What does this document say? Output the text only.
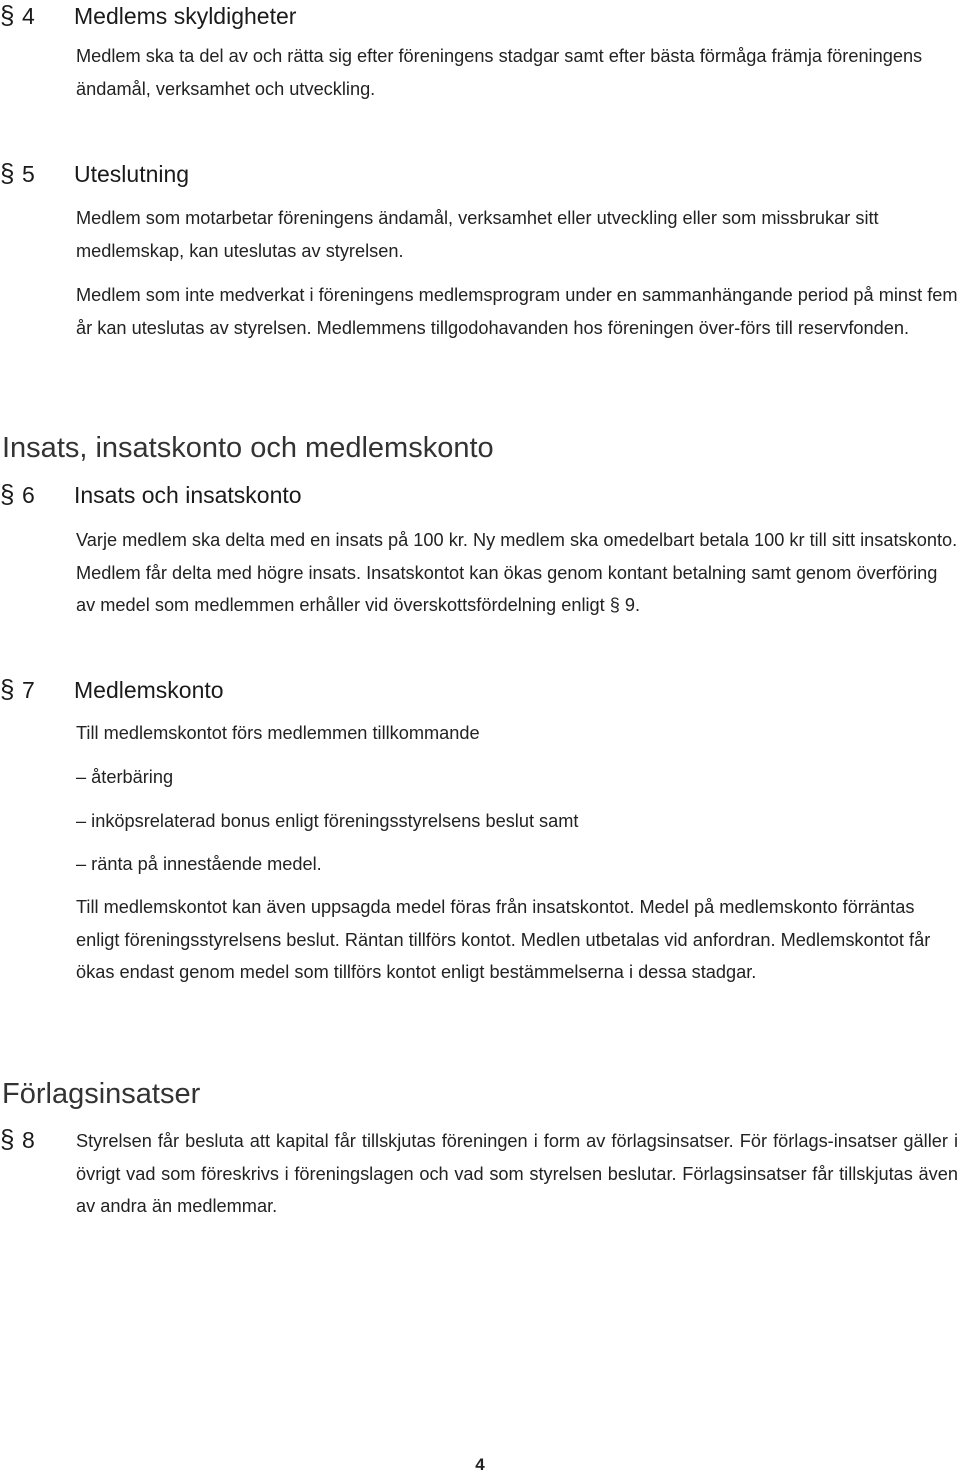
§ 4	Medlems skyldigheter

Medlem ska ta del av och rätta sig efter föreningens stadgar samt efter bästa förmåga främja föreningens ändamål, verksamhet och utveckling.

§ 5	Uteslutning

Medlem som motarbetar föreningens ändamål, verksamhet eller utveckling eller som missbrukar sitt medlemskap, kan uteslutas av styrelsen.

Medlem som inte medverkat i föreningens medlemsprogram under en sammanhängande period på minst fem år kan uteslutas av styrelsen. Medlemmens tillgodohavanden hos föreningen över-förs till reservfonden.

Insats, insatskonto och medlemskonto
§ 6	Insats och insatskonto

Varje medlem ska delta med en insats på 100 kr. Ny medlem ska omedelbart betala 100 kr till sitt insatskonto. Medlem får delta med högre insats. Insatskontot kan ökas genom kontant betalning samt genom överföring av medel som medlemmen erhåller vid överskottsfördelning enligt § 9.

§ 7	Medlemskonto

Till medlemskontot förs medlemmen tillkommande

– återbäring
– inköpsrelaterad bonus enligt föreningsstyrelsens beslut samt
– ränta på innestående medel.

Till medlemskontot kan även uppsagda medel föras från insatskontot. Medel på medlemskonto förräntas enligt föreningsstyrelsens beslut. Räntan tillförs kontot. Medlen utbetalas vid anfordran. Medlemskontot får ökas endast genom medel som tillförs kontot enligt bestämmelserna i dessa stadgar.

Förlagsinsatser
§ 8	Styrelsen får besluta att kapital får tillskjutas föreningen i form av förlagsinsatser. För förlags-insatser gäller i övrigt vad som föreskrivs i föreningslagen och vad som styrelsen beslutar. Förlagsinsatser får tillskjutas även av andra än medlemmar.

4
